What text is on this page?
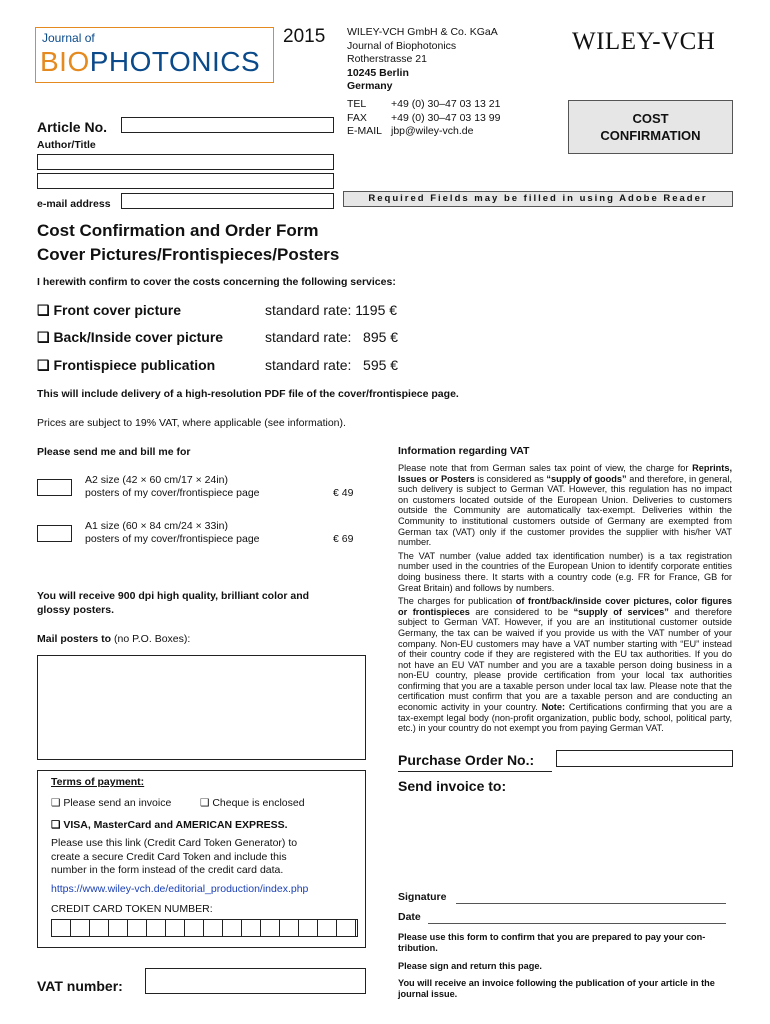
Journal of
BIOPHOTONICS
2015 WILEY-VCH GmbH & Co. KGaA
Journal of Biophotonics
Rotherstrasse 21
10245 Berlin
Germany
TEL +49 (0) 30–47 03 13 21
FAX +49 (0) 30–47 03 13 99
E-MAIL jbp@wiley-vch.de
WILEY-VCH
COST
CONFIRMATION
Article No.
Author/Title
e-mail address	Required Fields may be filled in using Adobe Reader
Cost Confirmation and Order Form
Cover Pictures/Frontispieces/Posters
I herewith confirm to cover the costs concerning the following services:
❑ Front cover picture	standard rate: 1195 €
❑ Back/Inside cover picture	standard rate:   895 €
❑ Frontispiece publication	standard rate:   595 €
This will include delivery of a high-resolution PDF file of the cover/frontispiece page.
Prices are subject to 19% VAT, where applicable (see information).
Please send me and bill me for
A2 size (42 × 60 cm/17 × 24in)
posters of my cover/frontispiece page	€ 49
A1 size (60 × 84 cm/24 × 33in)
posters of my cover/frontispiece page	€ 69
You will receive 900 dpi high quality, brilliant color and
glossy posters.
Mail posters to (no P.O. Boxes):
Information regarding VAT

Please note that from German sales tax point of view, the charge for Reprints, Issues or Posters is considered as “supply of goods” and therefore, in general, such delivery is subject to German VAT. However, this regulation has no impact on customers located outside of the European Union. Deliveries to customers outside the Community are automatically tax-exempt. Deliveries within the Community to institutional customers outside of Germany are exempted from German tax (VAT) only if the customer provides the supplier with his/her VAT number.

The VAT number (value added tax identification number) is a tax registration number used in the countries of the European Union to identify corporate entities doing business there. It starts with a country code (e.g. FR for France, GB for Great Britain) and follows by numbers.

The charges for publication of front/back/inside cover pictures, color figures or frontispieces are considered to be “supply of services” and therefore subject to German VAT. However, if you are an institutional customer outside Germany, the tax can be waived if you provide us with the VAT number of your company. Non-EU customers may have a VAT number starting with “EU” instead of their country code if they are registered with the EU tax authorities. If you do not have an EU VAT number and you are a taxable person doing business in a non-EU country, please provide certification from your local tax authorities confirming that you are a taxable person under local tax law. Please note that the certification must confirm that you are a taxable person and are conducting an economic activity in your country. Note: Certifications confirming that you are a tax-exempt legal body (non-profit organization, public body, school, political party, etc.) in your country do not exempt you from paying German VAT.

Purchase Order No.:
Send invoice to:
Terms of payment:
❑ Please send an invoice	❑ Cheque is enclosed
❑ VISA, MasterCard and AMERICAN EXPRESS.
Please use this link (Credit Card Token Generator) to
create a secure Credit Card Token and include this
number in the form instead of the credit card data.
https://www.wiley-vch.de/editorial_production/index.php
CREDIT CARD TOKEN NUMBER:
VAT number:
Signature
Date
Please use this form to confirm that you are prepared to pay your con-
tribution.
Please sign and return this page.
You will receive an invoice following the publication of your article in the
journal issue.
